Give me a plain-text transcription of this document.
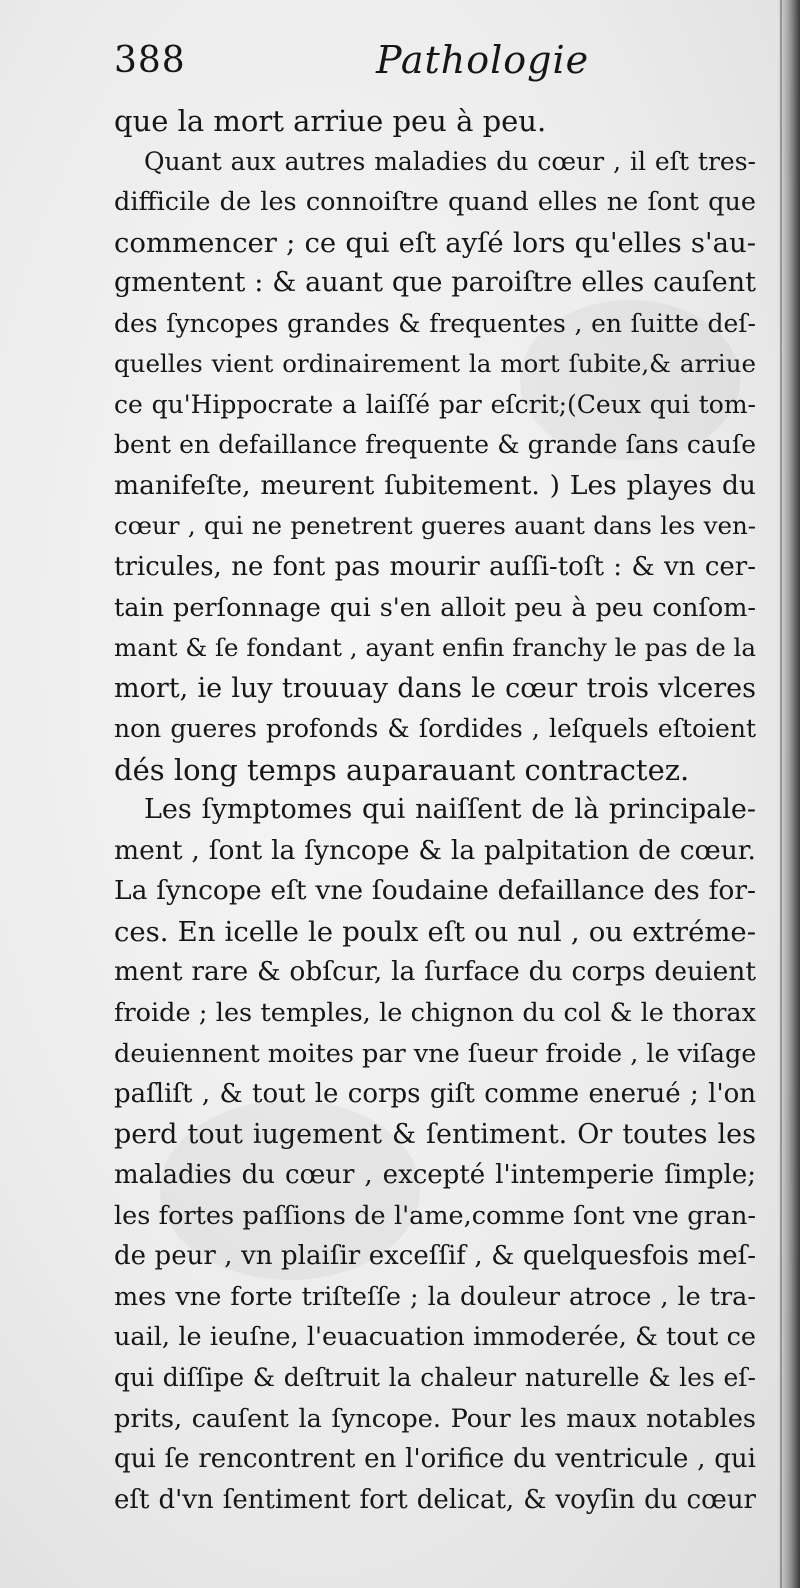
388	Pathologie
que la mort arriue peu à peu.
Quant aux autres maladies du cœur , il eſt tres-
difficile de les connoiſtre quand elles ne ſont que
commencer ; ce qui eſt ayſé lors qu'elles s'au-
gmentent : & auant que paroiſtre elles cauſent
des ſyncopes grandes & frequentes , en ſuitte deſ-
quelles vient ordinairement la mort ſubite,& arriue
ce qu'Hippocrate a laiſſé par eſcrit;(Ceux qui tom-
bent en defaillance frequente & grande ſans cauſe
manifeſte, meurent ſubitement. ) Les playes du
cœur , qui ne penetrent gueres auant dans les ven-
tricules, ne font pas mourir auſſi-toſt : & vn cer-
tain perſonnage qui s'en alloit peu à peu conſom-
mant & ſe fondant , ayant enfin franchy le pas de la
mort, ie luy trouuay dans le cœur trois vlceres
non gueres profonds & ſordides , leſquels eſtoient
dés long temps auparauant contractez.
Les ſymptomes qui naiſſent de là principale-
ment , ſont la ſyncope & la palpitation de cœur.
La ſyncope eſt vne ſoudaine defaillance des for-
ces. En icelle le poulx eſt ou nul , ou extréme-
ment rare & obſcur, la ſurface du corps deuient
froide ; les temples, le chignon du col & le thorax
deuiennent moites par vne ſueur froide , le viſage
paſliſt , & tout le corps giſt comme enerué ; l'on
perd tout iugement & ſentiment. Or toutes les
maladies du cœur , excepté l'intemperie ſimple;
les fortes paſſions de l'ame,comme ſont vne gran-
de peur , vn plaiſir exceſſif , & quelquesfois meſ-
mes vne forte triſteſſe ; la douleur atroce , le tra-
uail, le ieuſne, l'euacuation immoderée, & tout ce
qui diſſipe & deſtruit la chaleur naturelle & les eſ-
prits, cauſent la ſyncope. Pour les maux notables
qui ſe rencontrent en l'orifice du ventricule , qui
eſt d'vn ſentiment fort delicat, & voyſin du cœur
